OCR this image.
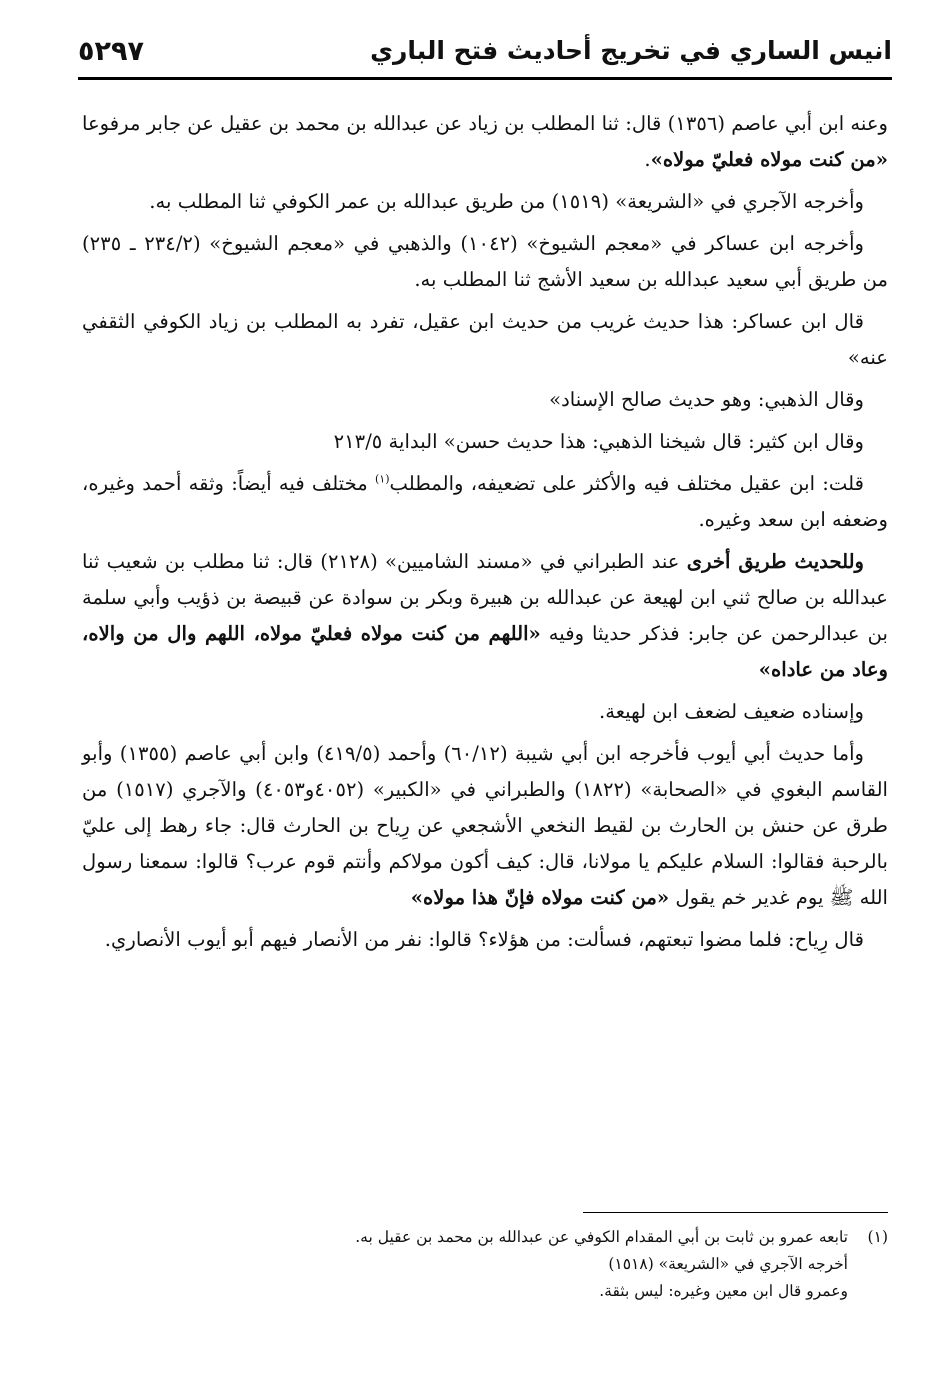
انيس الساري في تخريج أحاديث فتح الباري
٥٢٩٧

وعنه ابن أبي عاصم (١٣٥٦) قال: ثنا المطلب بن زياد عن عبدالله بن محمد بن عقيل عن جابر مرفوعا «من كنت مولاه فعليّ مولاه».

وأخرجه الآجري في «الشريعة» (١٥١٩) من طريق عبدالله بن عمر الكوفي ثنا المطلب به.

وأخرجه ابن عساكر في «معجم الشيوخ» (١٠٤٢) والذهبي في «معجم الشيوخ» (٢٣٤/٢ ـ ٢٣٥) من طريق أبي سعيد عبدالله بن سعيد الأشج ثنا المطلب به.

قال ابن عساكر: هذا حديث غريب من حديث ابن عقيل، تفرد به المطلب بن زياد الكوفي الثقفي عنه»

وقال الذهبي: وهو حديث صالح الإسناد»

وقال ابن كثير: قال شيخنا الذهبي: هذا حديث حسن» البداية ٢١٣/٥

قلت: ابن عقيل مختلف فيه والأكثر على تضعيفه، والمطلب$^{(١)}$ مختلف فيه أيضاً: وثقه أحمد وغيره، وضعفه ابن سعد وغيره.

وللحديث طريق أخرى عند الطبراني في «مسند الشاميين» (٢١٢٨) قال: ثنا مطلب بن شعيب ثنا عبدالله بن صالح ثني ابن لهيعة عن عبدالله بن هبيرة وبكر بن سوادة عن قبيصة بن ذؤيب وأبي سلمة بن عبدالرحمن عن جابر: فذكر حديثا وفيه «اللهم من كنت مولاه فعليّ مولاه، اللهم وال من والاه، وعاد من عاداه»

وإسناده ضعيف لضعف ابن لهيعة.

وأما حديث أبي أيوب فأخرجه ابن أبي شيبة (٦٠/١٢) وأحمد (٤١٩/٥) وابن أبي عاصم (١٣٥٥) وأبو القاسم البغوي في «الصحابة» (١٨٢٢) والطبراني في «الكبير» (٤٠٥٢و٤٠٥٣) والآجري (١٥١٧) من طرق عن حنش بن الحارث بن لقيط النخعي الأشجعي عن رِياح بن الحارث قال: جاء رهط إلى عليّ بالرحبة فقالوا: السلام عليكم يا مولانا، قال: كيف أكون مولاكم وأنتم قوم عرب؟ قالوا: سمعنا رسول الله ﷺ يوم غدير خم يقول «من كنت مولاه فإنّ هذا مولاه»

قال رِياح: فلما مضوا تبعتهم، فسألت: من هؤلاء؟ قالوا: نفر من الأنصار فيهم أبو أيوب الأنصاري.

(١)تابعه عمرو بن ثابت بن أبي المقدام الكوفي عن عبدالله بن محمد بن عقيل به.

أخرجه الآجري في «الشريعة» (١٥١٨)

وعمرو قال ابن معين وغيره: ليس بثقة.
